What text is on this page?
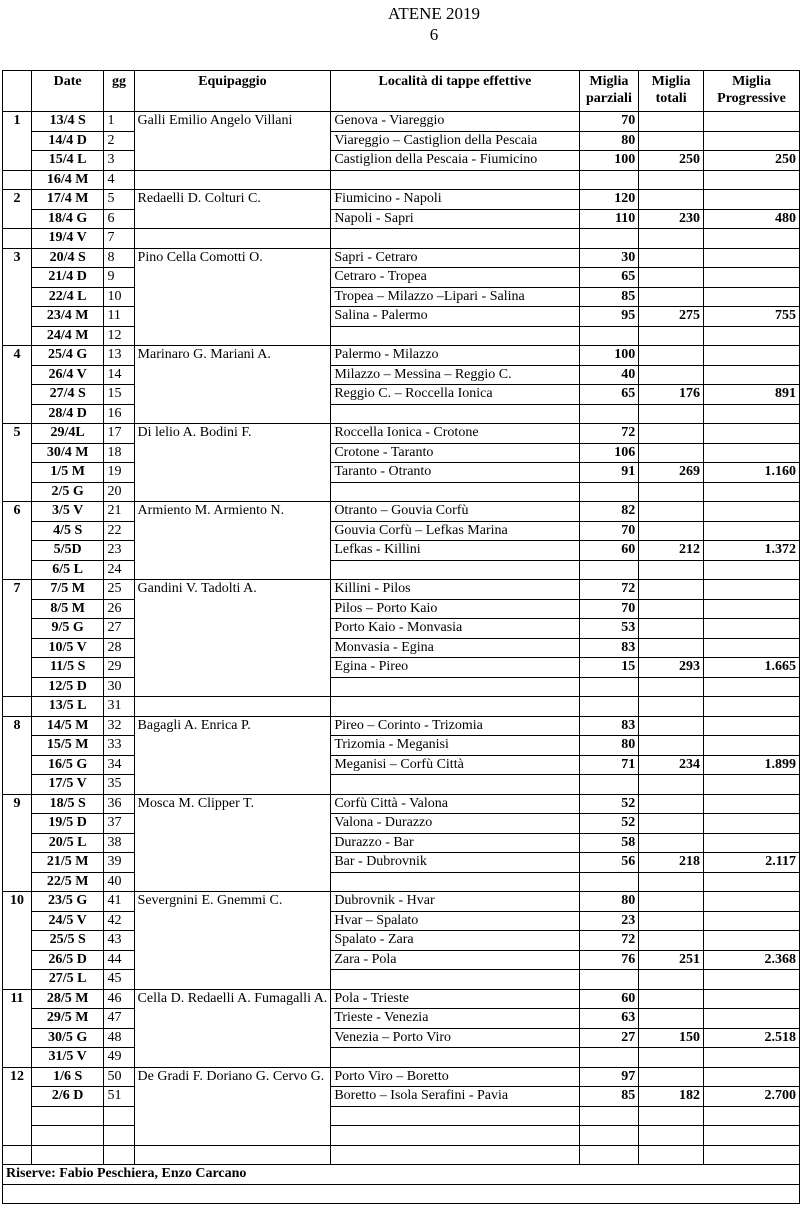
ATENE 2019
6
	Date	gg	Equipaggio	Località di tappe effettive	Miglia parziali	Miglia totali	Miglia Progressive
1	13/4 S	1	Galli Emilio Angelo Villani	Genova - Viareggio	70		
	14/4 D	2		Viareggio – Castiglion della Pescaia	80		
	15/4 L	3		Castiglion della Pescaia - Fiumicino	100	250	250
	16/4 M	4					
2	17/4 M	5	Redaelli D. Colturi C.	Fiumicino - Napoli	120		
	18/4 G	6		Napoli - Sapri	110	230	480
	19/4 V	7					
3	20/4 S	8	Pino Cella Comotti O.	Sapri - Cetraro	30		
	21/4 D	9		Cetraro - Tropea	65		
	22/4 L	10		Tropea – Milazzo –Lipari - Salina	85		
	23/4 M	11		Salina - Palermo	95	275	755
	24/4 M	12					
4	25/4 G	13	Marinaro G. Mariani A.	Palermo - Milazzo	100		
	26/4 V	14		Milazzo – Messina – Reggio C.	40		
	27/4 S	15		Reggio C. – Roccella Ionica	65	176	891
	28/4 D	16					
5	29/4L	17	Di lelio A. Bodini F.	Roccella Ionica - Crotone	72		
	30/4 M	18		Crotone - Taranto	106		
	1/5 M	19		Taranto - Otranto	91	269	1.160
	2/5 G	20					
6	3/5 V	21	Armiento M. Armiento N.	Otranto – Gouvia Corfù	82		
	4/5 S	22		Gouvia Corfù – Lefkas Marina	70		
	5/5D	23		Lefkas - Killini	60	212	1.372
	6/5 L	24					
7	7/5 M	25	Gandini V. Tadolti A.	Killini - Pilos	72		
	8/5 M	26		Pilos – Porto Kaio	70		
	9/5 G	27		Porto Kaio - Monvasia	53		
	10/5 V	28		Monvasia - Egina	83		
	11/5 S	29		Egina - Pireo	15	293	1.665
	12/5 D	30					
	13/5 L	31					
8	14/5 M	32	Bagagli A. Enrica P.	Pireo – Corinto - Trizomia	83		
	15/5 M	33		Trizomia - Meganisi	80		
	16/5 G	34		Meganisi – Corfù Città	71	234	1.899
	17/5 V	35					
9	18/5 S	36	Mosca M. Clipper T.	Corfù Città - Valona	52		
	19/5 D	37		Valona - Durazzo	52		
	20/5 L	38		Durazzo - Bar	58		
	21/5 M	39		Bar - Dubrovnik	56	218	2.117
	22/5 M	40					
10	23/5 G	41	Severgnini E. Gnemmi C.	Dubrovnik - Hvar	80		
	24/5 V	42		Hvar – Spalato	23		
	25/5 S	43		Spalato - Zara	72		
	26/5 D	44		Zara - Pola	76	251	2.368
	27/5 L	45					
11	28/5 M	46	Cella D. Redaelli A. Fumagalli A.	Pola - Trieste	60		
	29/5 M	47		Trieste - Venezia	63		
	30/5 G	48		Venezia – Porto Viro	27	150	2.518
	31/5 V	49					
12	1/6 S	50	De Gradi F. Doriano G. Cervo G.	Porto Viro – Boretto	97		
	2/6 D	51		Boretto – Isola Serafini - Pavia	85	182	2.700

Riserve: Fabio Peschiera, Enzo Carcano							
